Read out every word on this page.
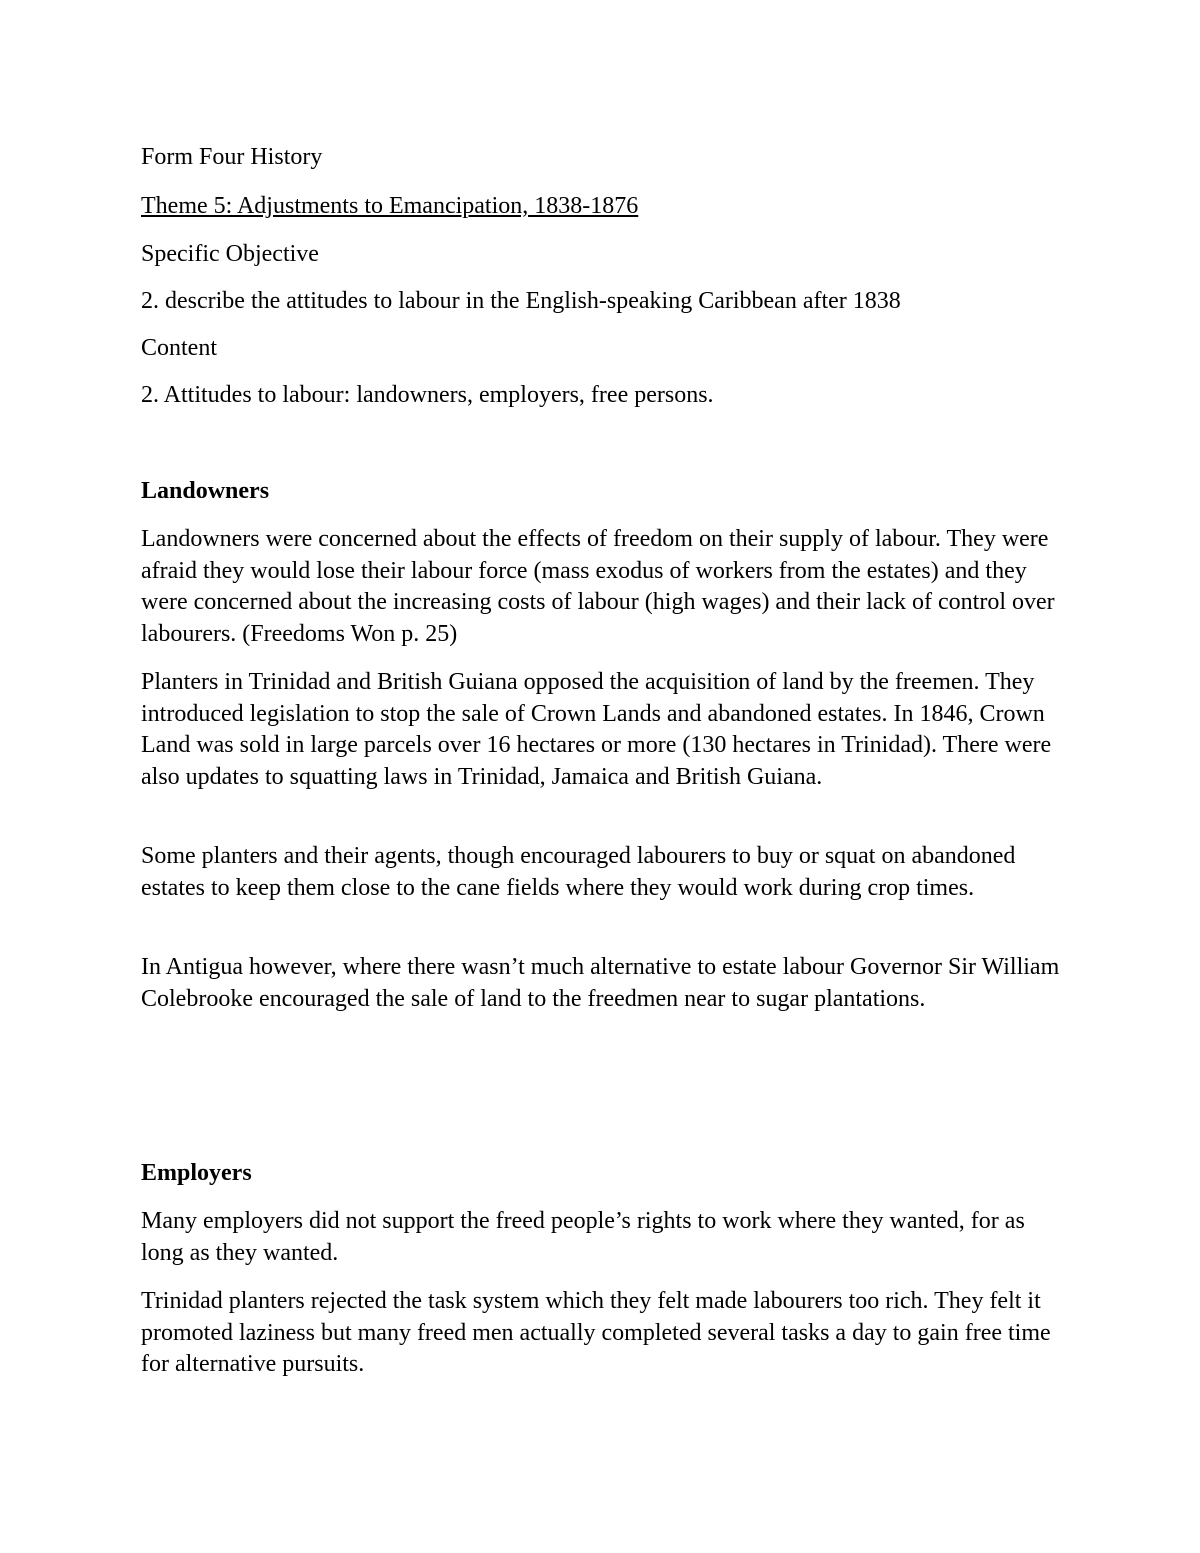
Form Four History

Theme 5: Adjustments to Emancipation, 1838-1876

Specific Objective

2. describe the attitudes to labour in the English-speaking Caribbean after 1838

Content

2. Attitudes to labour: landowners, employers, free persons.

Landowners

Landowners were concerned about the effects of freedom on their supply of labour. They were afraid they would lose their labour force (mass exodus of workers from the estates) and they were concerned about the increasing costs of labour (high wages) and their lack of control over labourers. (Freedoms Won p. 25)

Planters in Trinidad and British Guiana opposed the acquisition of land by the freemen. They introduced legislation to stop the sale of Crown Lands and abandoned estates. In 1846, Crown Land was sold in large parcels over 16 hectares or more (130 hectares in Trinidad). There were also updates to squatting laws in Trinidad, Jamaica and British Guiana.

Some planters and their agents, though encouraged labourers to buy or squat on abandoned estates to keep them close to the cane fields where they would work during crop times.

In Antigua however, where there wasn’t much alternative to estate labour Governor Sir William Colebrooke encouraged the sale of land to the freedmen near to sugar plantations.

Employers

Many employers did not support the freed people’s rights to work where they wanted, for as long as they wanted.

Trinidad planters rejected the task system which they felt made labourers too rich. They felt it promoted laziness but many freed men actually completed several tasks a day to gain free time for alternative pursuits.
